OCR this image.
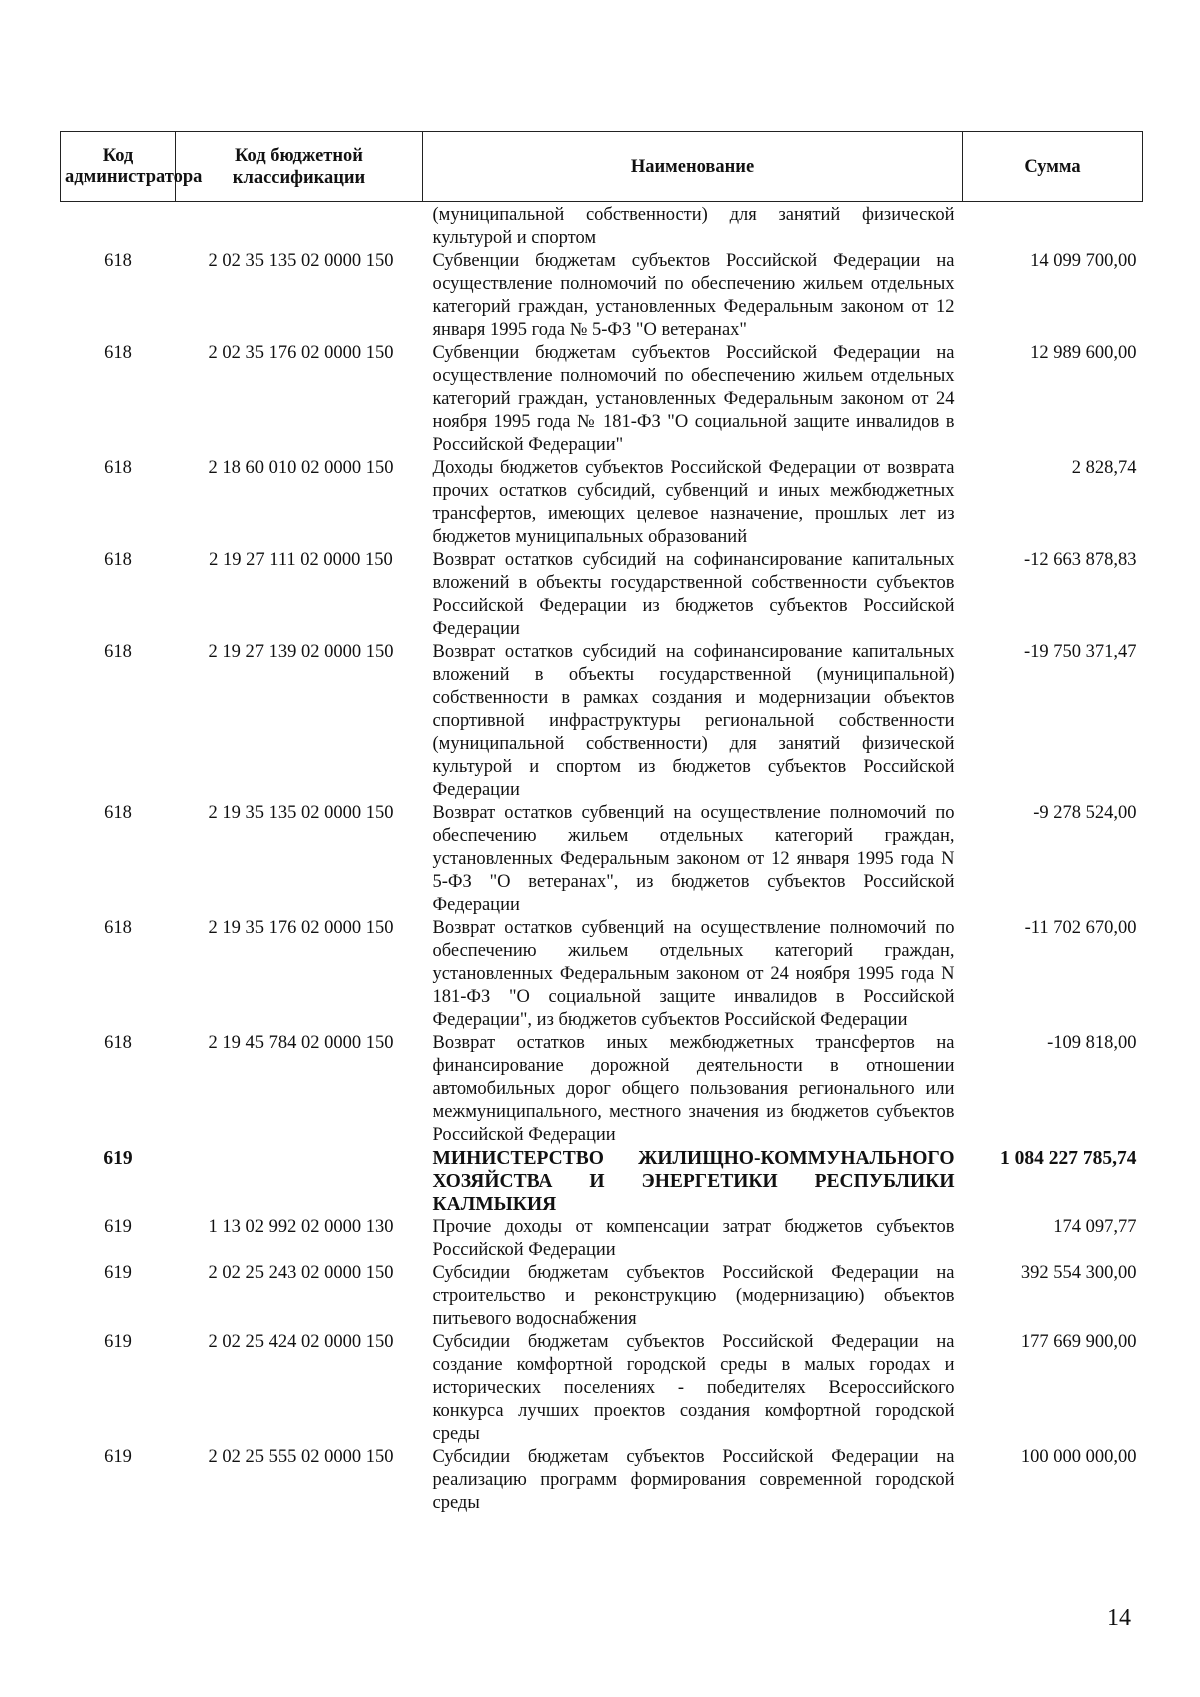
Код администратора	Код бюджетной классификации	Наименование	Сумма
		(муниципальной собственности) для занятий физической культурой и спортом	
618	2 02 35 135 02 0000 150	Субвенции бюджетам субъектов Российской Федерации на осуществление полномочий по обеспечению жильем отдельных категорий граждан, установленных Федеральным законом от 12 января 1995 года № 5-ФЗ "О ветеранах"	14 099 700,00
618	2 02 35 176 02 0000 150	Субвенции бюджетам субъектов Российской Федерации на осуществление полномочий по обеспечению жильем отдельных категорий граждан, установленных Федеральным законом от 24 ноября 1995 года № 181-ФЗ "О социальной защите инвалидов в Российской Федерации"	12 989 600,00
618	2 18 60 010 02 0000 150	Доходы бюджетов субъектов Российской Федерации от возврата прочих остатков субсидий, субвенций и иных межбюджетных трансфертов, имеющих целевое назначение, прошлых лет из бюджетов муниципальных образований	2 828,74
618	2 19 27 111 02 0000 150	Возврат остатков субсидий на софинансирование капитальных вложений в объекты государственной собственности субъектов Российской Федерации из бюджетов субъектов Российской Федерации	-12 663 878,83
618	2 19 27 139 02 0000 150	Возврат остатков субсидий на софинансирование капитальных вложений в объекты государственной (муниципальной) собственности в рамках создания и модернизации объектов спортивной инфраструктуры региональной собственности (муниципальной собственности) для занятий физической культурой и спортом из бюджетов субъектов Российской Федерации	-19 750 371,47
618	2 19 35 135 02 0000 150	Возврат остатков субвенций на осуществление полномочий по обеспечению жильем отдельных категорий граждан, установленных Федеральным законом от 12 января 1995 года N 5-ФЗ "О ветеранах", из бюджетов субъектов Российской Федерации	-9 278 524,00
618	2 19 35 176 02 0000 150	Возврат остатков субвенций на осуществление полномочий по обеспечению жильем отдельных категорий граждан, установленных Федеральным законом от 24 ноября 1995 года N 181-ФЗ "О социальной защите инвалидов в Российской Федерации", из бюджетов субъектов Российской Федерации	-11 702 670,00
618	2 19 45 784 02 0000 150	Возврат остатков иных межбюджетных трансфертов на финансирование дорожной деятельности в отношении автомобильных дорог общего пользования регионального или межмуниципального, местного значения из бюджетов субъектов Российской Федерации	-109 818,00
619		МИНИСТЕРСТВО ЖИЛИЩНО-КОММУНАЛЬНОГО ХОЗЯЙСТВА И ЭНЕРГЕТИКИ РЕСПУБЛИКИ КАЛМЫКИЯ	1 084 227 785,74
619	1 13 02 992 02 0000 130	Прочие доходы от компенсации затрат бюджетов субъектов Российской Федерации	174 097,77
619	2 02 25 243 02 0000 150	Субсидии бюджетам субъектов Российской Федерации на строительство и реконструкцию (модернизацию) объектов питьевого водоснабжения	392 554 300,00
619	2 02 25 424 02 0000 150	Субсидии бюджетам субъектов Российской Федерации на создание комфортной городской среды в малых городах и исторических поселениях - победителях Всероссийского конкурса лучших проектов создания комфортной городской среды	177 669 900,00
619	2 02 25 555 02 0000 150	Субсидии бюджетам субъектов Российской Федерации на реализацию программ формирования современной городской среды	100 000 000,00
14
